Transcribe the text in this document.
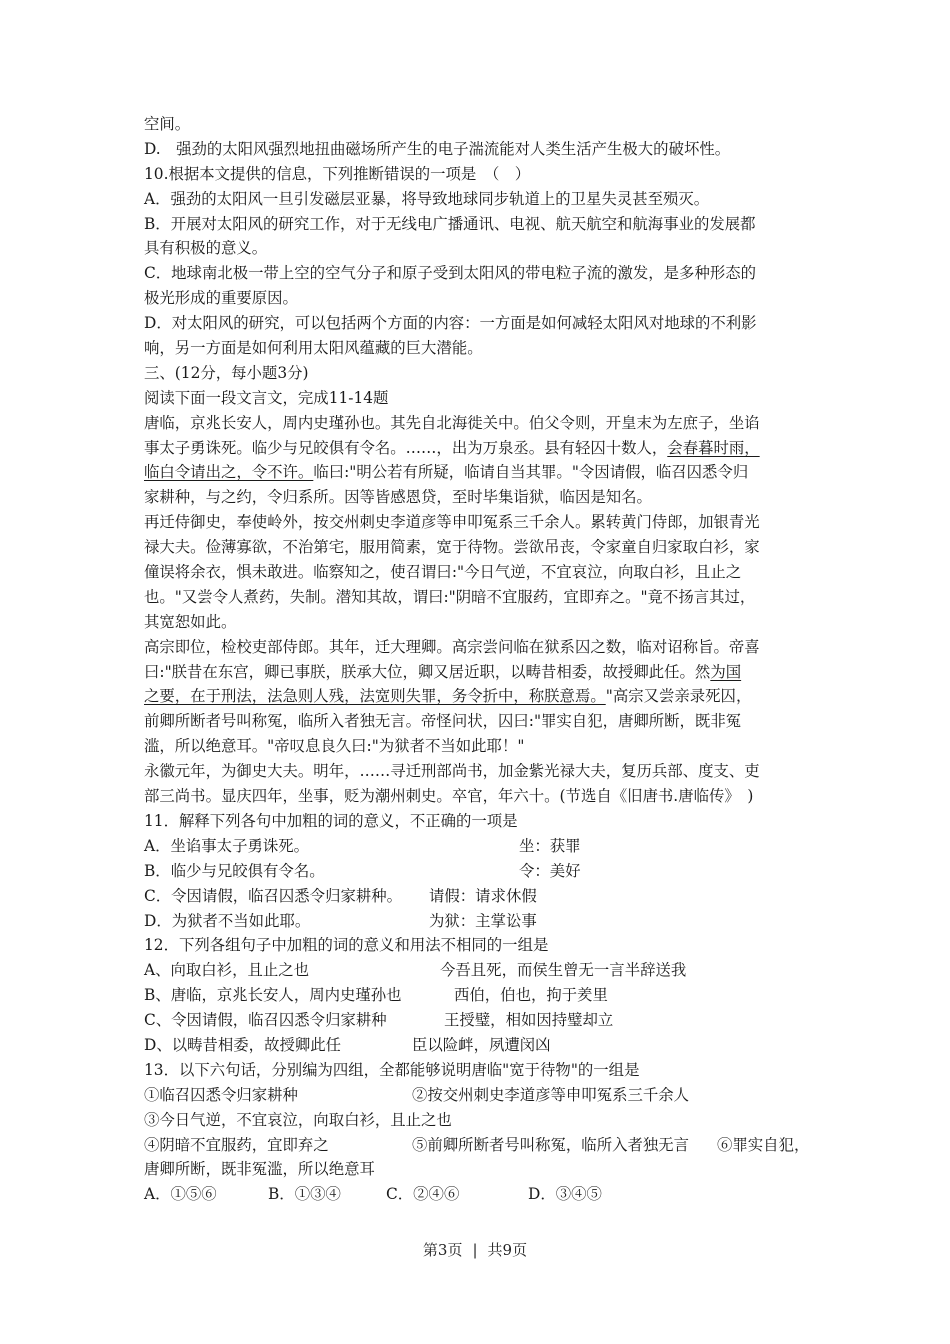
空间。
D.　强劲的太阳风强烈地扭曲磁场所产生的电子湍流能对人类生活产生极大的破坏性。
10.根据本文提供的信息，下列推断错误的一项是　（　）
A．强劲的太阳风一旦引发磁层亚暴，将导致地球同步轨道上的卫星失灵甚至殒灭。
B．开展对太阳风的研究工作，对于无线电广播通讯、电视、航天航空和航海事业的发展都
具有积极的意义。
C．地球南北极一带上空的空气分子和原子受到太阳风的带电粒子流的激发，是多种形态的
极光形成的重要原因。
D．对太阳风的研究，可以包括两个方面的内容：一方面是如何减轻太阳风对地球的不利影
响，另一方面是如何利用太阳风蕴藏的巨大潜能。
三、(12分，每小题3分)
阅读下面一段文言文，完成11-14题
唐临，京兆长安人，周内史瑾孙也。其先自北海徙关中。伯父令则，开皇末为左庶子，坐谄
事太子勇诛死。临少与兄皎俱有令名。……，出为万泉丞。县有轻囚十数人，会春暮时雨，
临白令请出之，令不许。临曰:"明公若有所疑，临请自当其罪。"令因请假，临召囚悉令归
家耕种，与之约，令归系所。因等皆感恩贷，至时毕集诣狱，临因是知名。
再迁侍御史，奉使岭外，按交州刺史李道彦等申叩冤系三千余人。累转黄门侍郎，加银青光
禄大夫。俭薄寡欲，不治第宅，服用简素，宽于待物。尝欲吊丧，令家童自归家取白衫，家
僮误将余衣，惧未敢进。临察知之，使召谓曰:"今日气逆，不宜哀泣，向取白衫，且止之
也。"又尝令人煮药，失制。潜知其故，谓曰:"阴暗不宜服药，宜即弃之。"竟不扬言其过，
其宽恕如此。
高宗即位，检校吏部侍郎。其年，迁大理卿。高宗尝问临在狱系囚之数，临对诏称旨。帝喜
曰:"朕昔在东宫，卿已事朕，朕承大位，卿又居近职，以畴昔相委，故授卿此任。然为国
之要，在于刑法，法急则人残，法宽则失罪，务令折中，称朕意焉。"高宗又尝亲录死囚，
前卿所断者号叫称冤，临所入者独无言。帝怪问状，囚曰:"罪实自犯，唐卿所断，既非冤
滥，所以绝意耳。"帝叹息良久曰:"为狱者不当如此耶！"
永徽元年，为御史大夫。明年，……寻迁刑部尚书，加金紫光禄大夫，复历兵部、度支、吏
部三尚书。显庆四年，坐事，贬为潮州刺史。卒官，年六十。(节选自《旧唐书.唐临传》　)
11．解释下列各句中加粗的词的意义，不正确的一项是
A．坐谄事太子勇诛死。	坐：获罪
B．临少与兄皎俱有令名。	令：美好
C．令因请假，临召囚悉令归家耕种。	请假：请求休假
D．为狱者不当如此耶。	为狱：主掌讼事
12．下列各组句子中加粗的词的意义和用法不相同的一组是
A、向取白衫，且止之也	今吾且死，而侯生曾无一言半辞送我
B、唐临，京兆长安人，周内史瑾孙也	西伯，伯也，拘于羑里
C、令因请假，临召囚悉令归家耕种	王授璧，相如因持璧却立
D、以畴昔相委，故授卿此任	臣以险衅，夙遭闵凶
13．以下六句话，分别编为四组，全都能够说明唐临"宽于待物"的一组是
①临召囚悉令归家耕种	②按交州刺史李道彦等申叩冤系三千余人
③今日气逆，不宜哀泣，向取白衫，且止之也
④阴暗不宜服药，宜即弃之	⑤前卿所断者号叫称冤，临所入者独无言	⑥罪实自犯，
唐卿所断，既非冤滥，所以绝意耳
A．①⑤⑥	B．①③④	C．②④⑥	D．③④⑤
第3页 | 共9页
